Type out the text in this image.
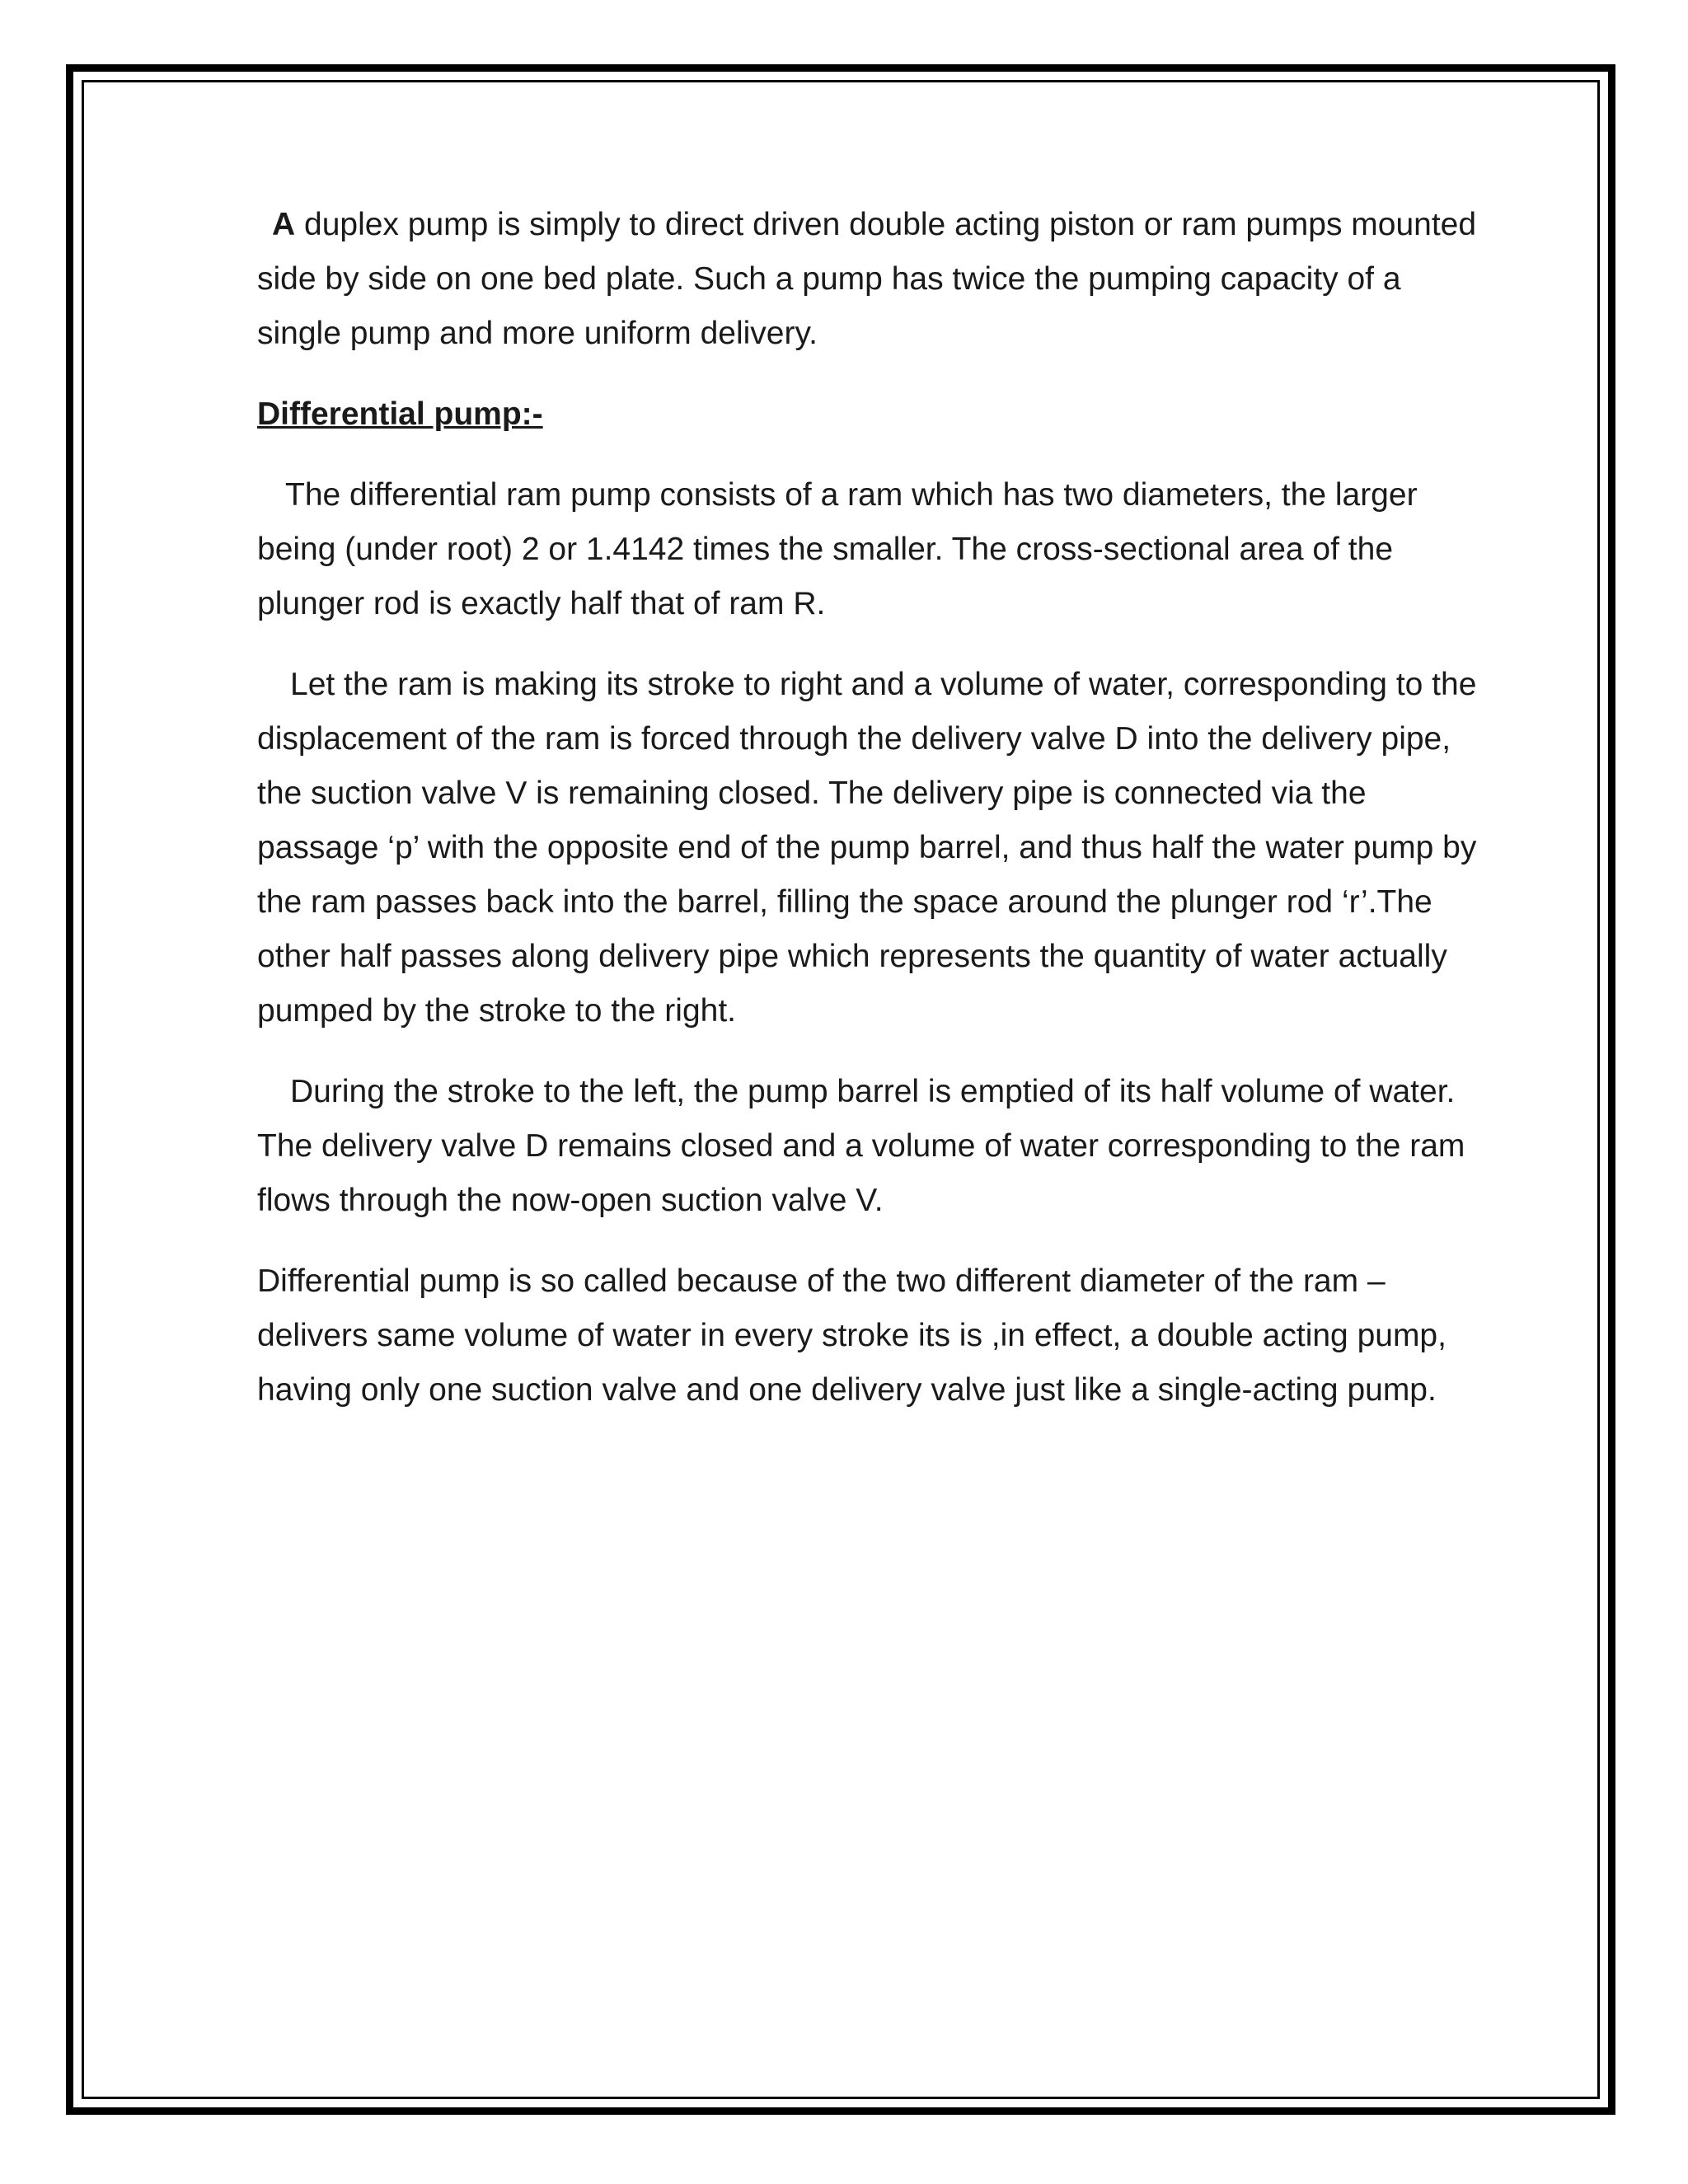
A duplex pump is simply to direct driven double acting piston or ram pumps mounted side by side on one bed plate. Such a pump has twice the pumping capacity of a single pump and more uniform delivery.

Differential pump:-

The differential ram pump consists of a ram which has two diameters, the larger being (under root) 2 or 1.4142 times the smaller. The cross-sectional area of the plunger rod is exactly half that of ram R.

Let the ram is making its stroke to right and a volume of water, corresponding to the displacement of the ram is forced through the delivery valve D into the delivery pipe, the suction valve V is remaining closed. The delivery pipe is connected via the passage ‘p’ with the opposite end of the pump barrel, and thus half the water pump by the ram passes back into the barrel, filling the space around the plunger rod ‘r’.The other half passes along delivery pipe which represents the quantity of water actually pumped by the stroke to the right.

During the stroke to the left, the pump barrel is emptied of its half volume of water. The delivery valve D remains closed and a volume of water corresponding to the ram flows through the now-open suction valve V.

Differential pump is so called because of the two different diameter of the ram – delivers same volume of water in every stroke its is ,in effect, a double acting pump, having only one suction valve and one delivery valve just like a single-acting pump.
